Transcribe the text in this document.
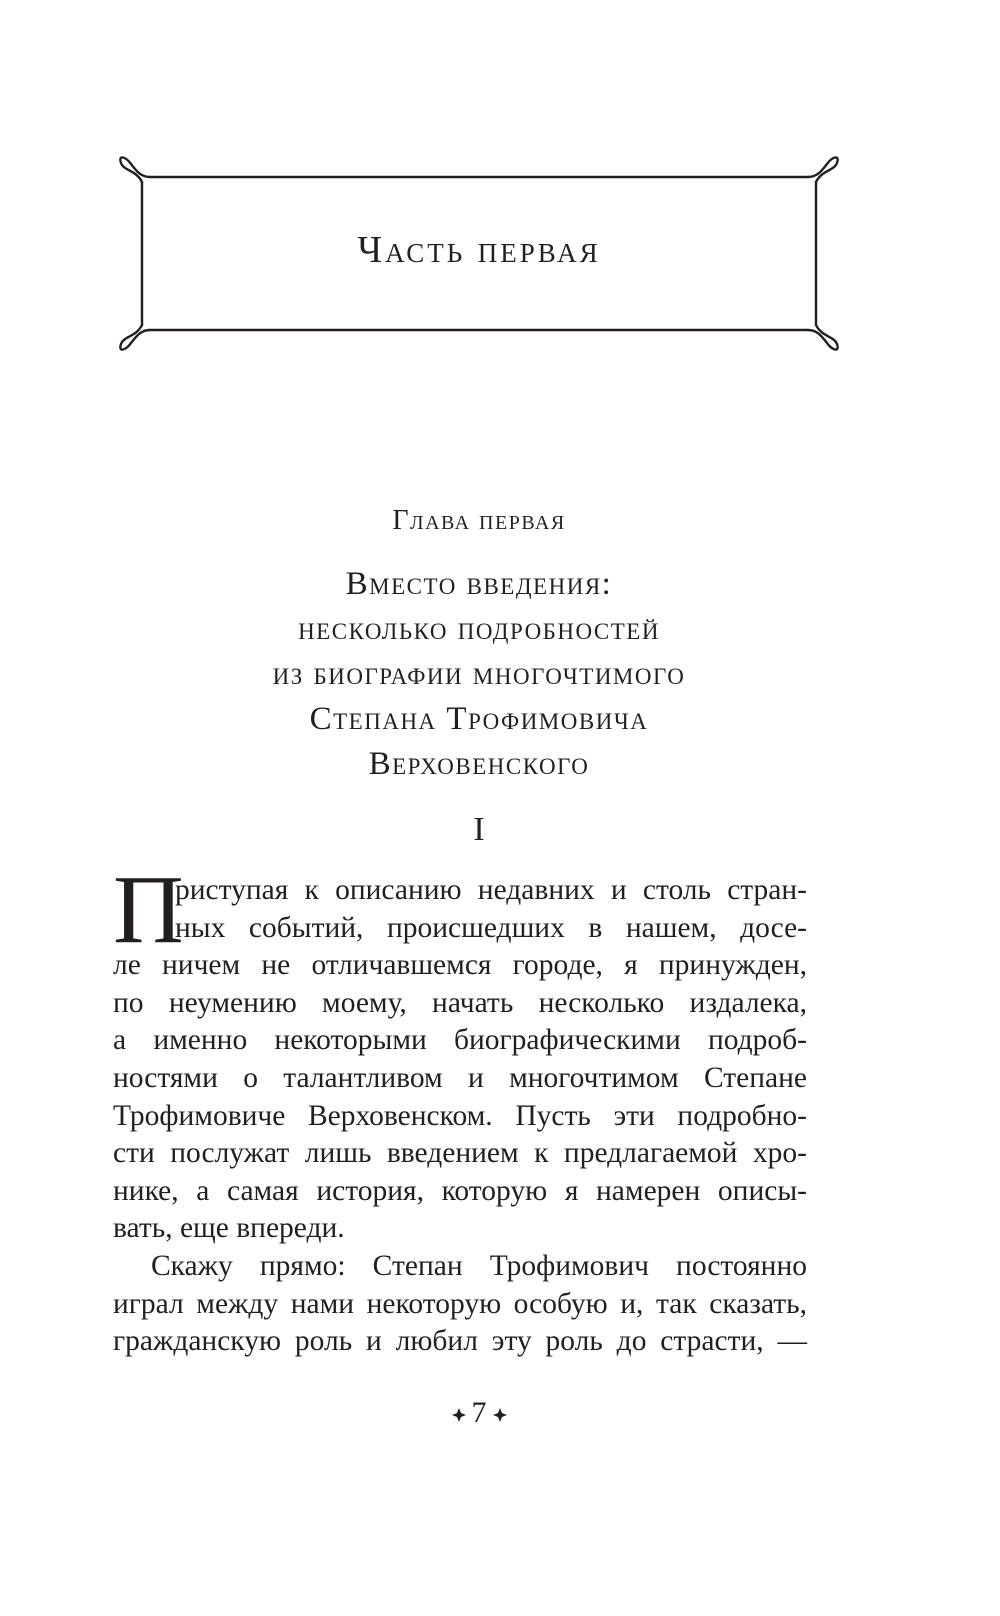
Часть первая
Глава первая
Вместо введения:
несколько подробностей
из биографии многочтимого
Степана Трофимовича
Верховенского
I
П
риступая к описанию недавних и столь стран-
ных событий, происшедших в нашем, досе-
ле ничем не отличавшемся городе, я принужден,
по неумению моему, начать несколько издалека,
а именно некоторыми биографическими подроб-
ностями о талантливом и многочтимом Степане
Трофимовиче Верховенском. Пусть эти подробно-
сти послужат лишь введением к предлагаемой хро-
нике, а самая история, которую я намерен описы-
вать, еще впереди.
Скажу прямо: Степан Трофимович постоянно
играл между нами некоторую особую и, так сказать,
гражданскую роль и любил эту роль до страсти, —
7
